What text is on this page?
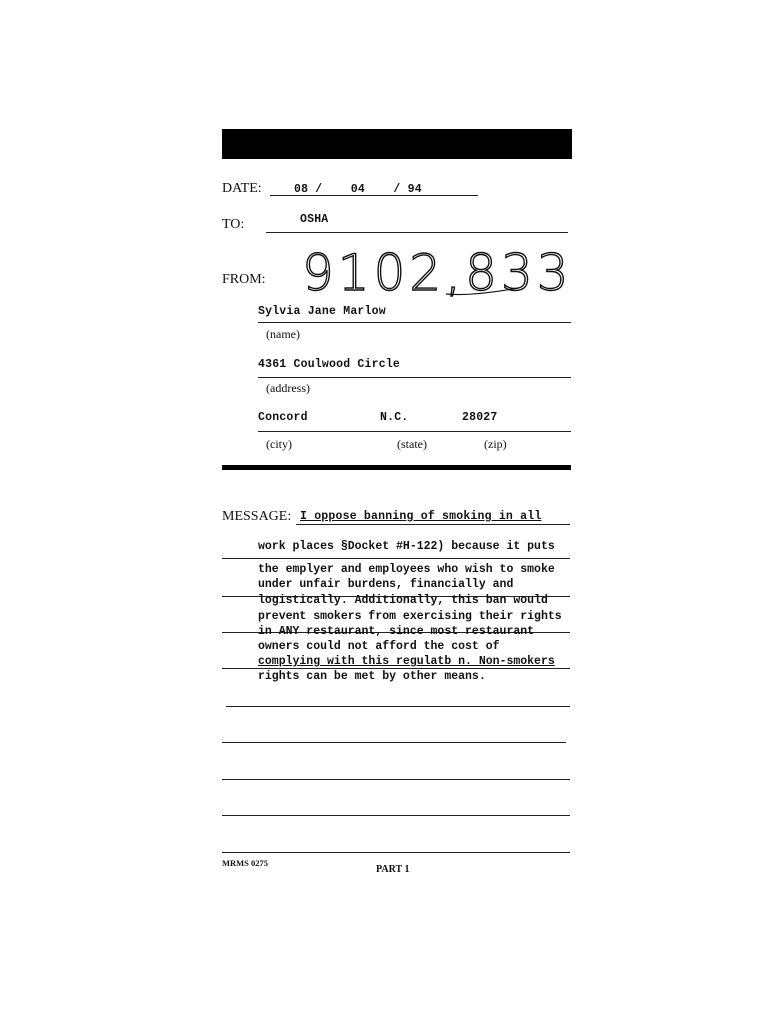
DATE:	08 /    04    / 94
TO:	OSHA
FROM: 9102,833
Sylvia Jane Marlow
(name)
4361 Coulwood Circle
(address)
Concord	N.C.	28027
(city)	(state)	(zip)
MESSAGE: I oppose banning of smoking in all
work places §Docket #H-122) because it puts
the emplyer and employees who wish to smoke
under unfair burdens, financially and
logistically. Additionally, this ban would
prevent smokers from exercising their rights
in ANY restaurant, since most restaurant
owners could not afford the cost of
complying with this regulatb n. Non-smokers
rights can be met by other means.
MRMS 0275
PART 1
